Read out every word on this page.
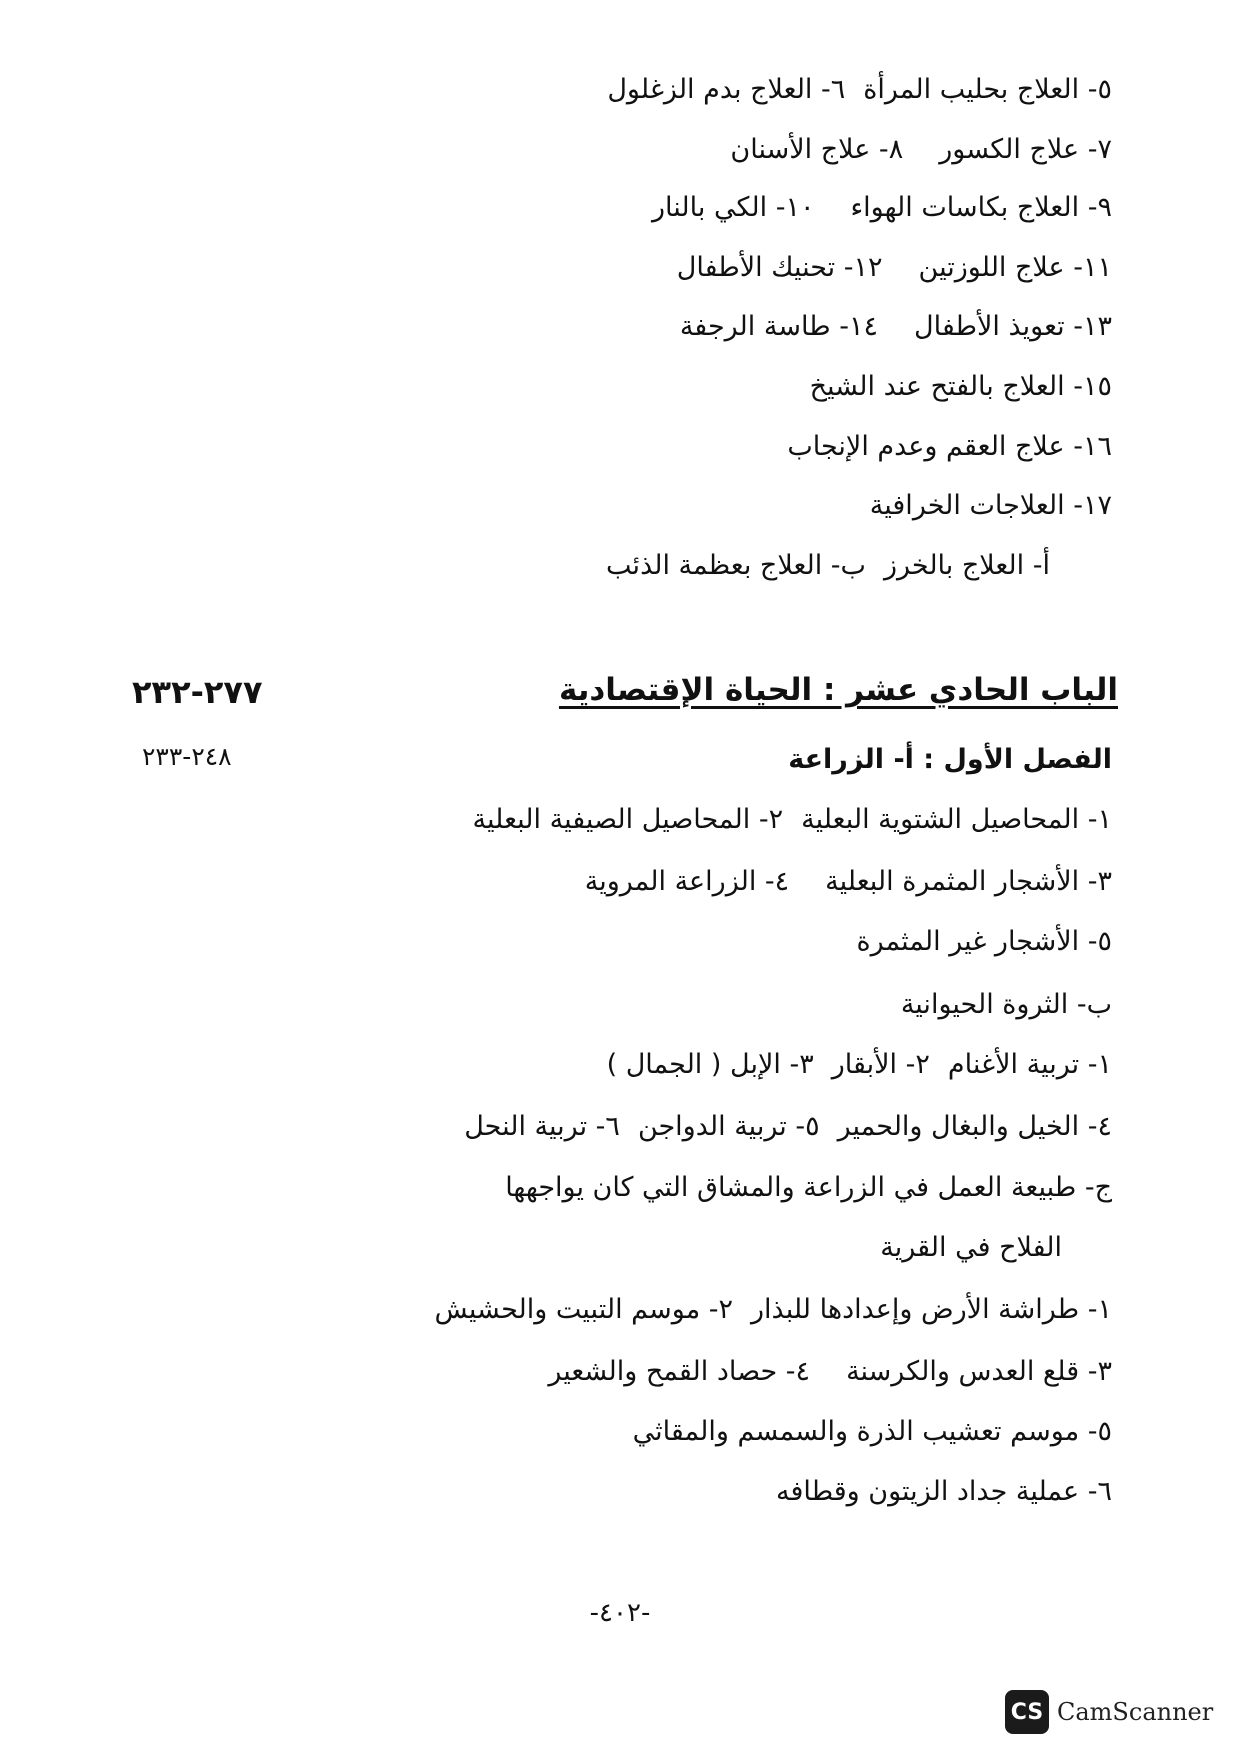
٥- العلاج بحليب المرأة٦- العلاج بدم الزغلول
٧- علاج الكسور٨- علاج الأسنان
٩- العلاج بكاسات الهواء١٠- الكي بالنار
١١- علاج اللوزتين١٢- تحنيك الأطفال
١٣- تعويذ الأطفال١٤- طاسة الرجفة
١٥- العلاج بالفتح عند الشيخ
١٦- علاج العقم وعدم الإنجاب
١٧- العلاجات الخرافية
أ- العلاج بالخرزب- العلاج بعظمة الذئب
الباب الحادي عشر : الحياة الإقتصادية
٢٧٧-٢٣٢
الفصل الأول : أ- الزراعة
٢٤٨-٢٣٣
١- المحاصيل الشتوية البعلية٢- المحاصيل الصيفية البعلية
٣- الأشجار المثمرة البعلية٤- الزراعة المروية
٥- الأشجار غير المثمرة
ب- الثروة الحيوانية
١- تربية الأغنام٢- الأبقار٣- الإبل ( الجمال )
٤- الخيل والبغال والحمير٥- تربية الدواجن٦- تربية النحل
ج- طبيعة العمل في الزراعة والمشاق التي كان يواجهها
الفلاح في القرية
١- طراشة الأرض وإعدادها للبذار٢- موسم التبيت والحشيش
٣- قلع العدس والكرسنة٤- حصاد القمح والشعير
٥- موسم تعشيب الذرة والسمسم والمقاثي
٦- عملية جداد الزيتون وقطافه
-٤٠٢-
CS CamScanner
